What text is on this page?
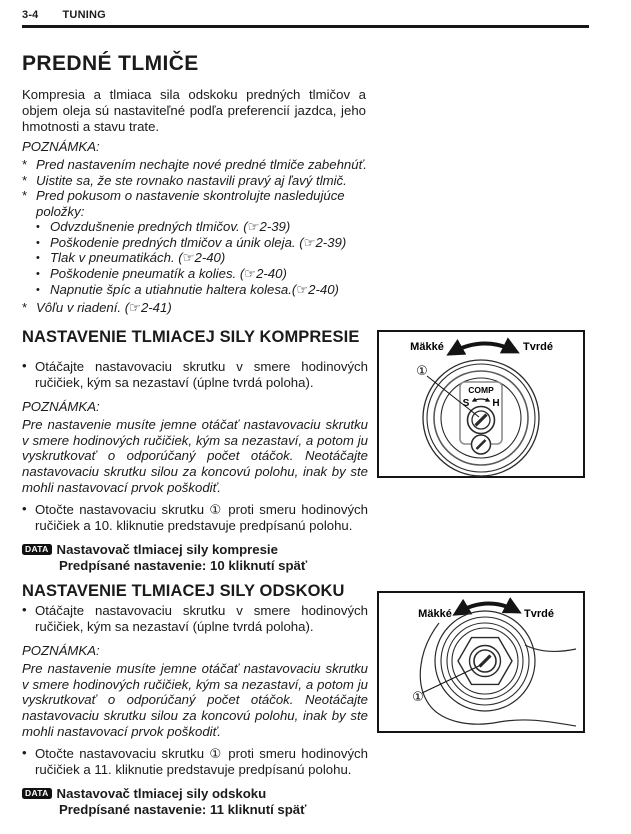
3-4 TUNING
PREDNÉ TLMIČE

Kompresia a tlmiaca sila odskoku predných tlmičov a objem oleja sú nastaviteľné podľa preferencií jazdca, jeho hmotnosti a stavu trate.

POZNÁMKA:
* Pred nastavením nechajte nové predné tlmiče zabehnúť.
* Uistite sa, že ste rovnako nastavili pravý aj ľavý tlmič.
* Pred pokusom o nastavenie skontrolujte nasledujúce položky:
• Odvzdušnenie predných tlmičov. (☞2-39)
• Poškodenie predných tlmičov a únik oleja. (☞2-39)
• Tlak v pneumatikách. (☞2-40)
• Poškodenie pneumatík a kolies. (☞2-40)
• Napnutie špíc a utiahnutie haltera kolesa.(☞2-40)
* Vôľu v riadení. (☞2-41)
NASTAVENIE TLMIACEJ SILY KOMPRESIE

• Otáčajte nastavovaciu skrutku v smere hodinových ručičiek, kým sa nezastaví (úplne tvrdá poloha).

POZNÁMKA:

Pre nastavenie musíte jemne otáčať nastavovaciu skrutku v smere hodinových ručičiek, kým sa nezastaví, a potom ju vyskrutkovať o odporúčaný počet otáčok. Neotáčajte nastavovaciu skrutku silou za koncovú polohu, inak by ste mohli nastavovací prvok poškodiť.

• Otočte nastavovaciu skrutku ① proti smeru hodinových ručičiek a 10. kliknutie predstavuje predpísanú polohu.

DATA Nastavovač tlmiacej sily kompresie
Predpísané nastavenie: 10 kliknutí späť
Mäkké	Tvrdé
COMP
S H
①
NASTAVENIE TLMIACEJ SILY ODSKOKU

• Otáčajte nastavovaciu skrutku v smere hodinových ručičiek, kým sa nezastaví (úplne tvrdá poloha).

POZNÁMKA:

Pre nastavenie musíte jemne otáčať nastavovaciu skrutku v smere hodinových ručičiek, kým sa nezastaví, a potom ju vyskrutkovať o odporúčaný počet otáčok. Neotáčajte nastavovaciu skrutku silou za koncovú polohu, inak by ste mohli nastavovací prvok poškodiť.

• Otočte nastavovaciu skrutku ① proti smeru hodinových ručičiek a 11. kliknutie predstavuje predpísanú polohu.

DATA Nastavovač tlmiacej sily odskoku
Predpísané nastavenie: 11 kliknutí späť
Mäkké	Tvrdé
①
